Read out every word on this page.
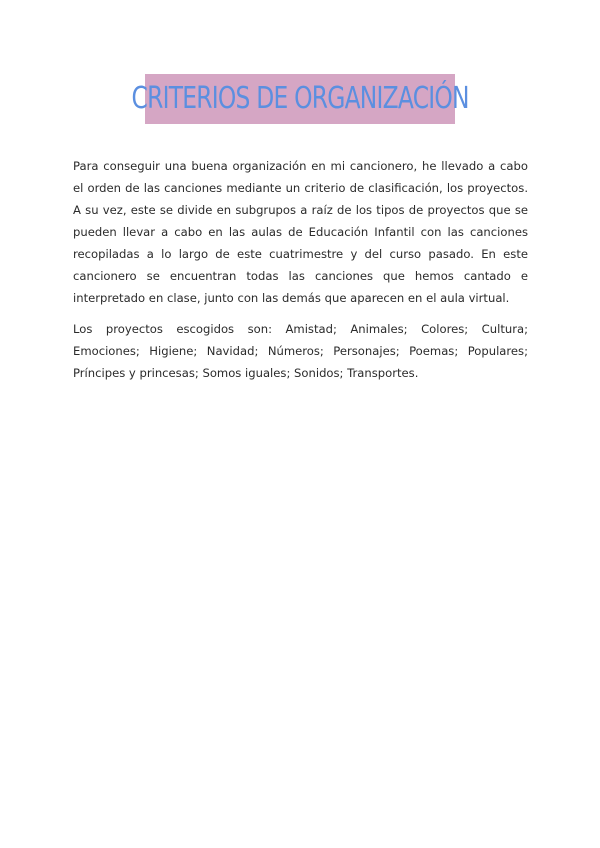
CRITERIOS DE ORGANIZACIÓN

Para conseguir una buena organización en mi cancionero, he llevado a cabo el orden de las canciones mediante un criterio de clasificación, los proyectos. A su vez, este se divide en subgrupos a raíz de los tipos de proyectos que se pueden llevar a cabo en las aulas de Educación Infantil con las canciones recopiladas a lo largo de este cuatrimestre y del curso pasado. En este cancionero se encuentran todas las canciones que hemos cantado e interpretado en clase, junto con las demás que aparecen en el aula virtual.

Los proyectos escogidos son: Amistad; Animales; Colores; Cultura; Emociones; Higiene; Navidad; Números; Personajes; Poemas; Populares; Príncipes y princesas; Somos iguales; Sonidos; Transportes.
